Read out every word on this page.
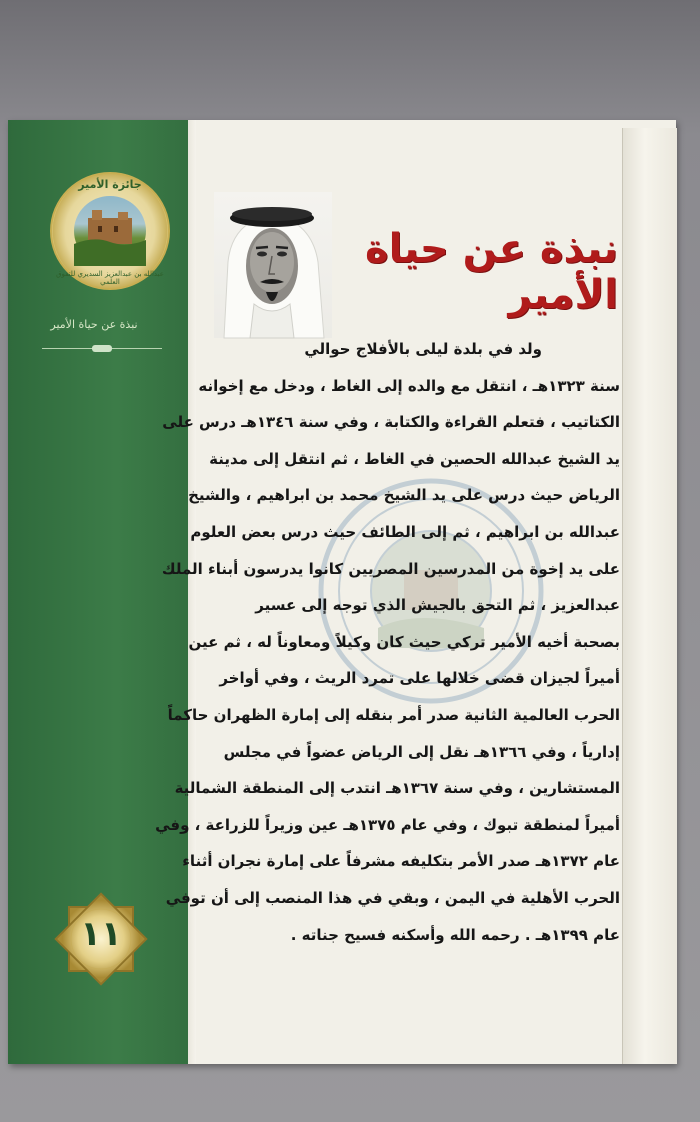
جائزة الأمير
عبدالله بن عبدالعزيز السديري للتفوق العلمي
نبذة عن حياة الأمير
١١
نبذة عن حياة الأمير
ولد في بلدة ليلى بالأفلاج حوالي
سنة ١٣٢٣هـ ، انتقل مع والده إلى الغاط ، ودخل مع إخوانه
الكتاتيب ، فتعلم القراءة والكتابة ، وفي سنة ١٣٤٦هـ درس على
يد الشيخ عبدالله الحصين في الغاط ، ثم انتقل إلى مدينة
الرياض حيث درس على يد الشيخ محمد بن ابراهيم ، والشيخ
عبدالله بن ابراهيم ، ثم إلى الطائف حيث درس بعض العلوم
على يد إخوة من المدرسين المصريين كانوا يدرسون أبناء الملك
عبدالعزيز ، ثم التحق بالجيش الذي توجه إلى عسير
بصحبة أخيه الأمير تركي حيث كان وكيلاً ومعاوناً له ، ثم عين
أميراً لجيزان قضى خلالها على تمرد الريث ، وفي أواخر
الحرب العالمية الثانية صدر أمر بنقله إلى إمارة الظهران حاكماً
إدارياً ، وفي ١٣٦٦هـ نقل إلى الرياض عضواً في مجلس
المستشارين ، وفي سنة ١٣٦٧هـ انتدب إلى المنطقة الشمالية
أميراً لمنطقة تبوك ، وفي عام ١٣٧٥هـ عين وزيراً للزراعة ، وفي
عام ١٣٧٢هـ صدر الأمر بتكليفه مشرفاً على إمارة نجران أثناء
الحرب الأهلية في اليمن ، وبقي في هذا المنصب إلى أن توفي
عام ١٣٩٩هـ . رحمه الله وأسكنه فسيح جناته .
